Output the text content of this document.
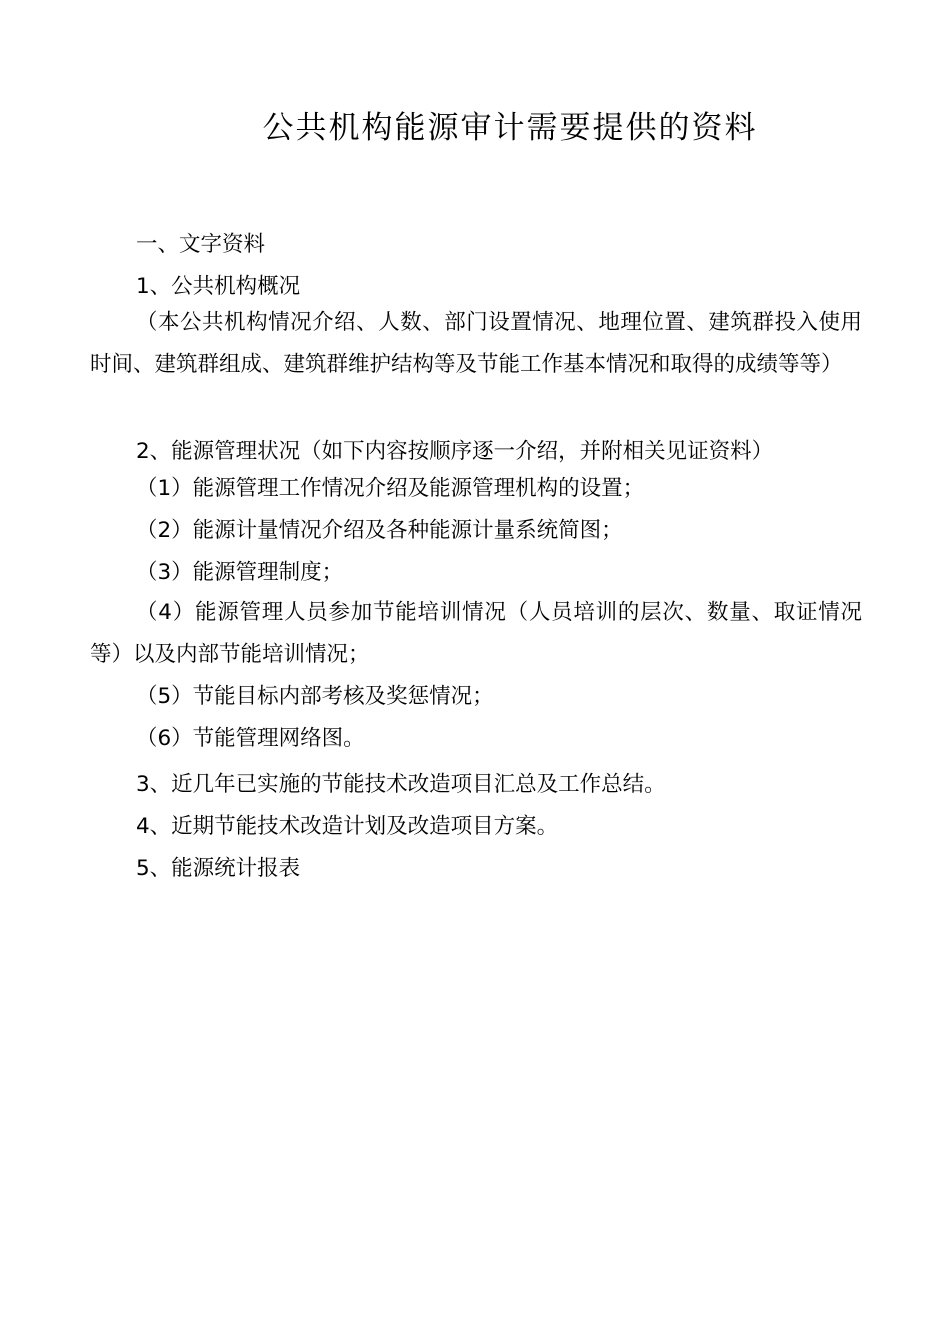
公共机构能源审计需要提供的资料
一、文字资料
1、公共机构概况
（本公共机构情况介绍、人数、部门设置情况、地理位置、建筑群投入使用时间、建筑群组成、建筑群维护结构等及节能工作基本情况和取得的成绩等等）
2、能源管理状况（如下内容按顺序逐一介绍，并附相关见证资料）
（1）能源管理工作情况介绍及能源管理机构的设置；
（2）能源计量情况介绍及各种能源计量系统简图；
（3）能源管理制度；
（4）能源管理人员参加节能培训情况（人员培训的层次、数量、取证情况等）以及内部节能培训情况；
（5）节能目标内部考核及奖惩情况；
（6）节能管理网络图。
3、近几年已实施的节能技术改造项目汇总及工作总结。
4、近期节能技术改造计划及改造项目方案。
5、能源统计报表
